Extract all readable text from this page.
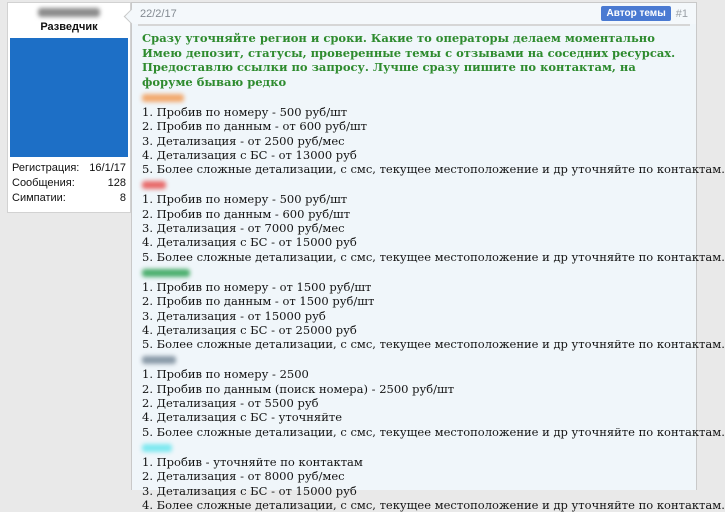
Разведчик
Регистрация: 16/1/17
Сообщения:	128
Симпатии:	8
22/2/17	Автор темы #1

Сразу уточняйте регион и сроки. Какие то операторы делаем моментально

Имею депозит, статусы, проверенные темы с отзывами на соседних ресурсах. Предоставлю ссылки по запросу. Лучше сразу пишите по контактам, на форуме бываю редко

1. Пробив по номеру - 500 руб/шт
2. Пробив по данным - от 600 руб/шт
3. Детализация - от 2500 руб/мес
4. Детализация с БС - от 13000 руб
5. Более сложные детализации, с смс, текущее местоположение и др уточняйте по контактам.
1. Пробив по номеру - 500 руб/шт
2. Пробив по данным - 600 руб/шт
3. Детализация - от 7000 руб/мес
4. Детализация с БС - от 15000 руб
5. Более сложные детализации, с смс, текущее местоположение и др уточняйте по контактам.
1. Пробив по номеру - от 1500 руб/шт
2. Пробив по данным - от 1500 руб/шт
3. Детализация - от 15000 руб
4. Детализация с БС - от 25000 руб
5. Более сложные детализации, с смс, текущее местоположение и др уточняйте по контактам.
1. Пробив по номеру - 2500
2. Пробив по данным (поиск номера) - 2500 руб/шт
2. Детализация - от 5500 руб
4. Детализация с БС - уточняйте
5. Более сложные детализации, с смс, текущее местоположение и др уточняйте по контактам.
1. Пробив - уточняйте по контактам
2. Детализация - от 8000 руб/мес
3. Детализация с БС - от 15000 руб
4. Более сложные детализации, с смс, текущее местоположение и др уточняйте по контактам.
